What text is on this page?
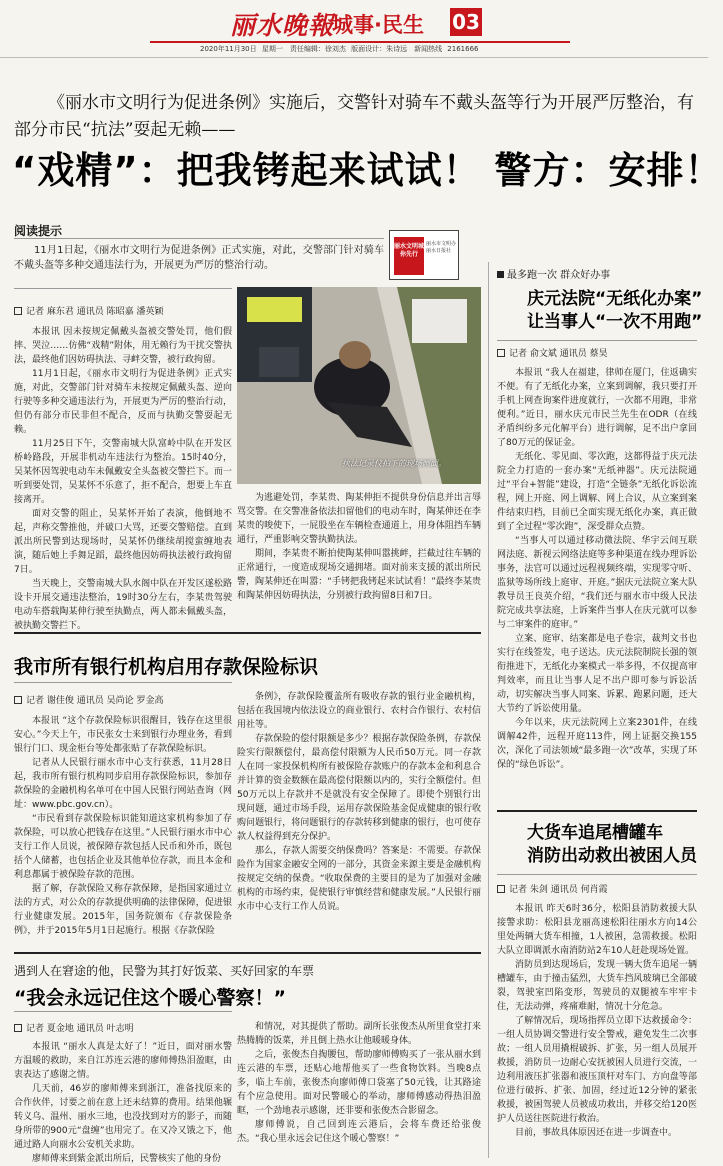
丽水晚報
城事·民生 03
2020年11月30日 星期一　责任编辑：徐刘杰 版面设计：朱诗远　新闻热线 2161666
《丽水市文明行为促进条例》实施后，交警针对骑车不戴头盔等行为开展严厉整治，有部分市民“抗法”耍起无赖——
“戏精”：把我铐起来试试！ 警方：安排！
阅读提示
11月1日起，《丽水市文明行为促进条例》正式实施，对此，交警部门针对骑车不戴头盔等多种交通违法行为，开展更为严厉的整治行动。
丽水文明城 你先行
丽水市文明办 丽水日报社
记者 麻东君 通讯员 陈昭嘉 潘英颖

本报讯 因未按规定佩戴头盔被交警处罚，他们假摔、哭泣……仿佛“戏精”附体，用无赖行为干扰交警执法，最终他们因妨碍执法、寻衅交警，被行政拘留。

11月1日起，《丽水市文明行为促进条例》正式实施，对此，交警部门针对骑车未按规定佩戴头盔、逆向行驶等多种交通违法行为，开展更为严厉的整治行动，但仍有部分市民非但不配合，反而与执勤交警耍起无赖。

11月25日下午，交警南城大队富岭中队在开发区桥岭路段，开展非机动车违法行为整治。15时40分，吴某怀因驾驶电动车未佩戴安全头盔被交警拦下。而一听到要处罚，吴某怀不乐意了，拒不配合，想要上车直接离开。

面对交警的阻止，吴某怀开始了表演，他倒地不起，声称交警推他，并破口大骂，还要交警赔偿。直到派出所民警到达现场时，吴某怀仍继续胡搅蛮缠地表演，随后她上手舞足蹈，最终他因妨碍执法被行政拘留7日。

当天晚上，交警南城大队水阁中队在开发区遂松路设卡开展交通违法整治，19时30分左右，李某贵驾驶电动车搭载陶某伸行驶至执勤点，两人都未佩戴头盔，被执勤交警拦下。

执法记录仪拍下的现场画面。

为逃避处罚，李某贵、陶某伸拒不提供身份信息并出言辱骂交警。在交警准备依法扣留他们的电动车时，陶某伸还在李某贵的唆使下，一屁股坐在车辆检查通道上，用身体阻挡车辆通行，严重影响交警执勤执法。

期间，李某贵不断拍使陶某伸叫嚣挑衅，拦截过往车辆的正常通行，一度造成现场交通拥堵。面对前来支援的派出所民警，陶某伸还在叫嚣：“手铐把我铐起来试试看！”最终李某贵和陶某伸因妨碍执法，分别被行政拘留8日和7日。

我市所有银行机构启用存款保险标识
记者 谢佳俊 通讯员 吴尚论 罗金高

本报讯 “这个存款保险标识很醒目，钱存在这里很安心。”今天上午，市民张女士来到银行办理业务，看到银行门口、现金柜台等处都张贴了存款保险标识。

记者从人民银行丽水市中心支行获悉，11月28日起，我市所有银行机构同步启用存款保险标识，参加存款保险的金融机构名单可在中国人民银行网站查询（网址：www.pbc.gov.cn）。

“市民看到存款保险标识能知道这家机构参加了存款保险，可以放心把钱存在这里。”人民银行丽水市中心支行工作人员说，被保障存款包括人民币和外币，既包括个人储蓄，也包括企业及其他单位存款，而且本金和利息都属于被保险存款的范围。

据了解，存款保险又称存款保障，是指国家通过立法的方式，对公众的存款提供明确的法律保障，促进银行业健康发展。2015年，国务院颁布《存款保险条例》，并于2015年5月1日起施行。根据《存款保险

条例》，存款保险覆盖所有吸收存款的银行业金融机构，包括在我国境内依法设立的商业银行、农村合作银行、农村信用社等。

存款保险的偿付限额是多少？根据存款保险条例，存款保险实行限额偿付，最高偿付限额为人民币50万元。同一存款人在同一家投保机构所有被保险存款账户的存款本金和利息合并计算的资金数额在最高偿付限额以内的，实行全额偿付。但50万元以上存款并不是就没有安全保障了。即使个别银行出现问题，通过市场手段，运用存款保险基金促成健康的银行收购问题银行，将问题银行的存款转移到健康的银行，也可使存款人权益得到充分保护。

那么，存款人需要交纳保费吗？答案是：不需要。存款保险作为国家金融安全网的一部分，其资金来源主要是金融机构按规定交纳的保费。“收取保费的主要目的是为了加强对金融机构的市场约束，促使银行审慎经营和健康发展。”人民银行丽水市中心支行工作人员说。

遇到人在窘途的他，民警为其打好饭菜、买好回家的车票
“我会永远记住这个暖心警察！”
记者 夏金地 通讯员 叶志明

本报讯 “丽水人真是太好了！”近日，面对丽水警方温暖的救助，来自江苏连云港的廖师傅热泪盈眶，由衷表达了感谢之情。

几天前，46岁的廖师傅来到浙江，准备找原来的合作伙伴，讨要之前在意上还未结算的费用。结果他辗转义乌、温州、丽水三地，也没找到对方的影子，而随身所带的900元“盘缠”也用完了。在又冷又饿之下，他通过路人向丽水公安机关求助。

廖师傅来到紫金派出所后，民警核实了他的身份

和情况，对其提供了帮助。副所长张俊杰从所里食堂打来热腾腾的饭菜，并且倒上热水让他暖暖身体。

之后，张俊杰自掏腰包，帮助廖师傅购买了一张从丽水到连云港的车票，还贴心地帮他买了一些食物饮料。当晚8点多，临上车前，张俊杰向廖师傅口袋塞了50元钱，让其路途有个应急使用。面对民警暖心的举动，廖师傅感动得热泪盈眶，一个劲地表示感谢，还非要和张俊杰合影留念。

廖师傅说，自己回到连云港后，会将车费还给张俊杰。“我心里永远会记住这个暖心警察！”

最多跑一次 群众好办事
庆元法院“无纸化办案”
让当事人“一次不用跑”
记者 俞文斌 通讯员 蔡昊

本报讯 “我人在福建，律师在厦门，住返确实不便。有了无纸化办案，立案到调解，我只要打开手机上网查询案件进度就行，一次都不用跑，非常便利。”近日，丽水庆元市民兰先生在ODR（在线矛盾纠纷多元化解平台）进行调解，足不出户拿回了80万元的保证金。

无纸化、零见面、零次跑，这都得益于庆元法院全力打造的一套办案“无纸神器”。庆元法院通过“平台+智能”建设，打造“全链条”无纸化诉讼流程，网上开庭、网上调解、网上合议，从立案到案件结束归档，目前已全面实现无纸化办案，真正做到了全过程“零次跑”，深受群众点赞。

“当事人可以通过移动微法院、华宇云间互联网法庭、新视云网络法庭等多种渠道在线办理诉讼事务，法官可以通过远程视频终端，实现零守听、监狱等场所线上庭审、开庭。”据庆元法院立案大队教导员王良英介绍，“我们还与丽水市中级人民法院完成共享法庭，上诉案件当事人在庆元就可以参与二审案件的庭审。”

立案、庭审、结案都是电子卷宗，裁判文书也实行在线签发，电子送达。庆元法院制院长强的领衔推进下，无纸化办案模式一举多得，不仅提高审判效率，而且让当事人足不出户即可参与诉讼活动，切实解决当事人同案、诉累、跑累问题，还大大节约了诉讼使用量。

今年以来，庆元法院网上立案2301件，在线调解42件，远程开庭113件，网上证据交换155次，深化了司法领域“最多跑一次”改革，实现了环保的“绿色诉讼”。

大货车追尾槽罐车
消防出动救出被困人员
记者 朱剑 通讯员 何肖霞

本报讯 昨天6时36分，松阳县消防救援大队接警求助：松阳县龙丽高速松阳往丽水方向14公里处两辆大货车相撞，1人被困，急需救援。松阳大队立即调派水南消防站2车10人赶赴现场处置。

消防员到达现场后，发现一辆大货车追尾一辆槽罐车，由于撞击猛烈，大货车挡风玻璃已全部破裂，驾驶室凹陷变形，驾驶员的双腿被车牢牢卡住，无法动弹，疼痛难耐，情况十分危急。

了解情况后，现场指挥员立即下达救援命令：一组人员协调交警进行安全警戒，避免发生二次事故；一组人员用撬棍破拆、扩张，另一组人员展开救援，消防员一边耐心安抚被困人员进行交流，一边利用液压扩张器和液压顶杆对车门、方向盘等部位进行破拆、扩张、加固，经过近12分钟的紧张救援，被困驾驶人员被成功救出，并移交给120医护人员送往医院进行救治。

目前，事故具体原因还在进一步调查中。
